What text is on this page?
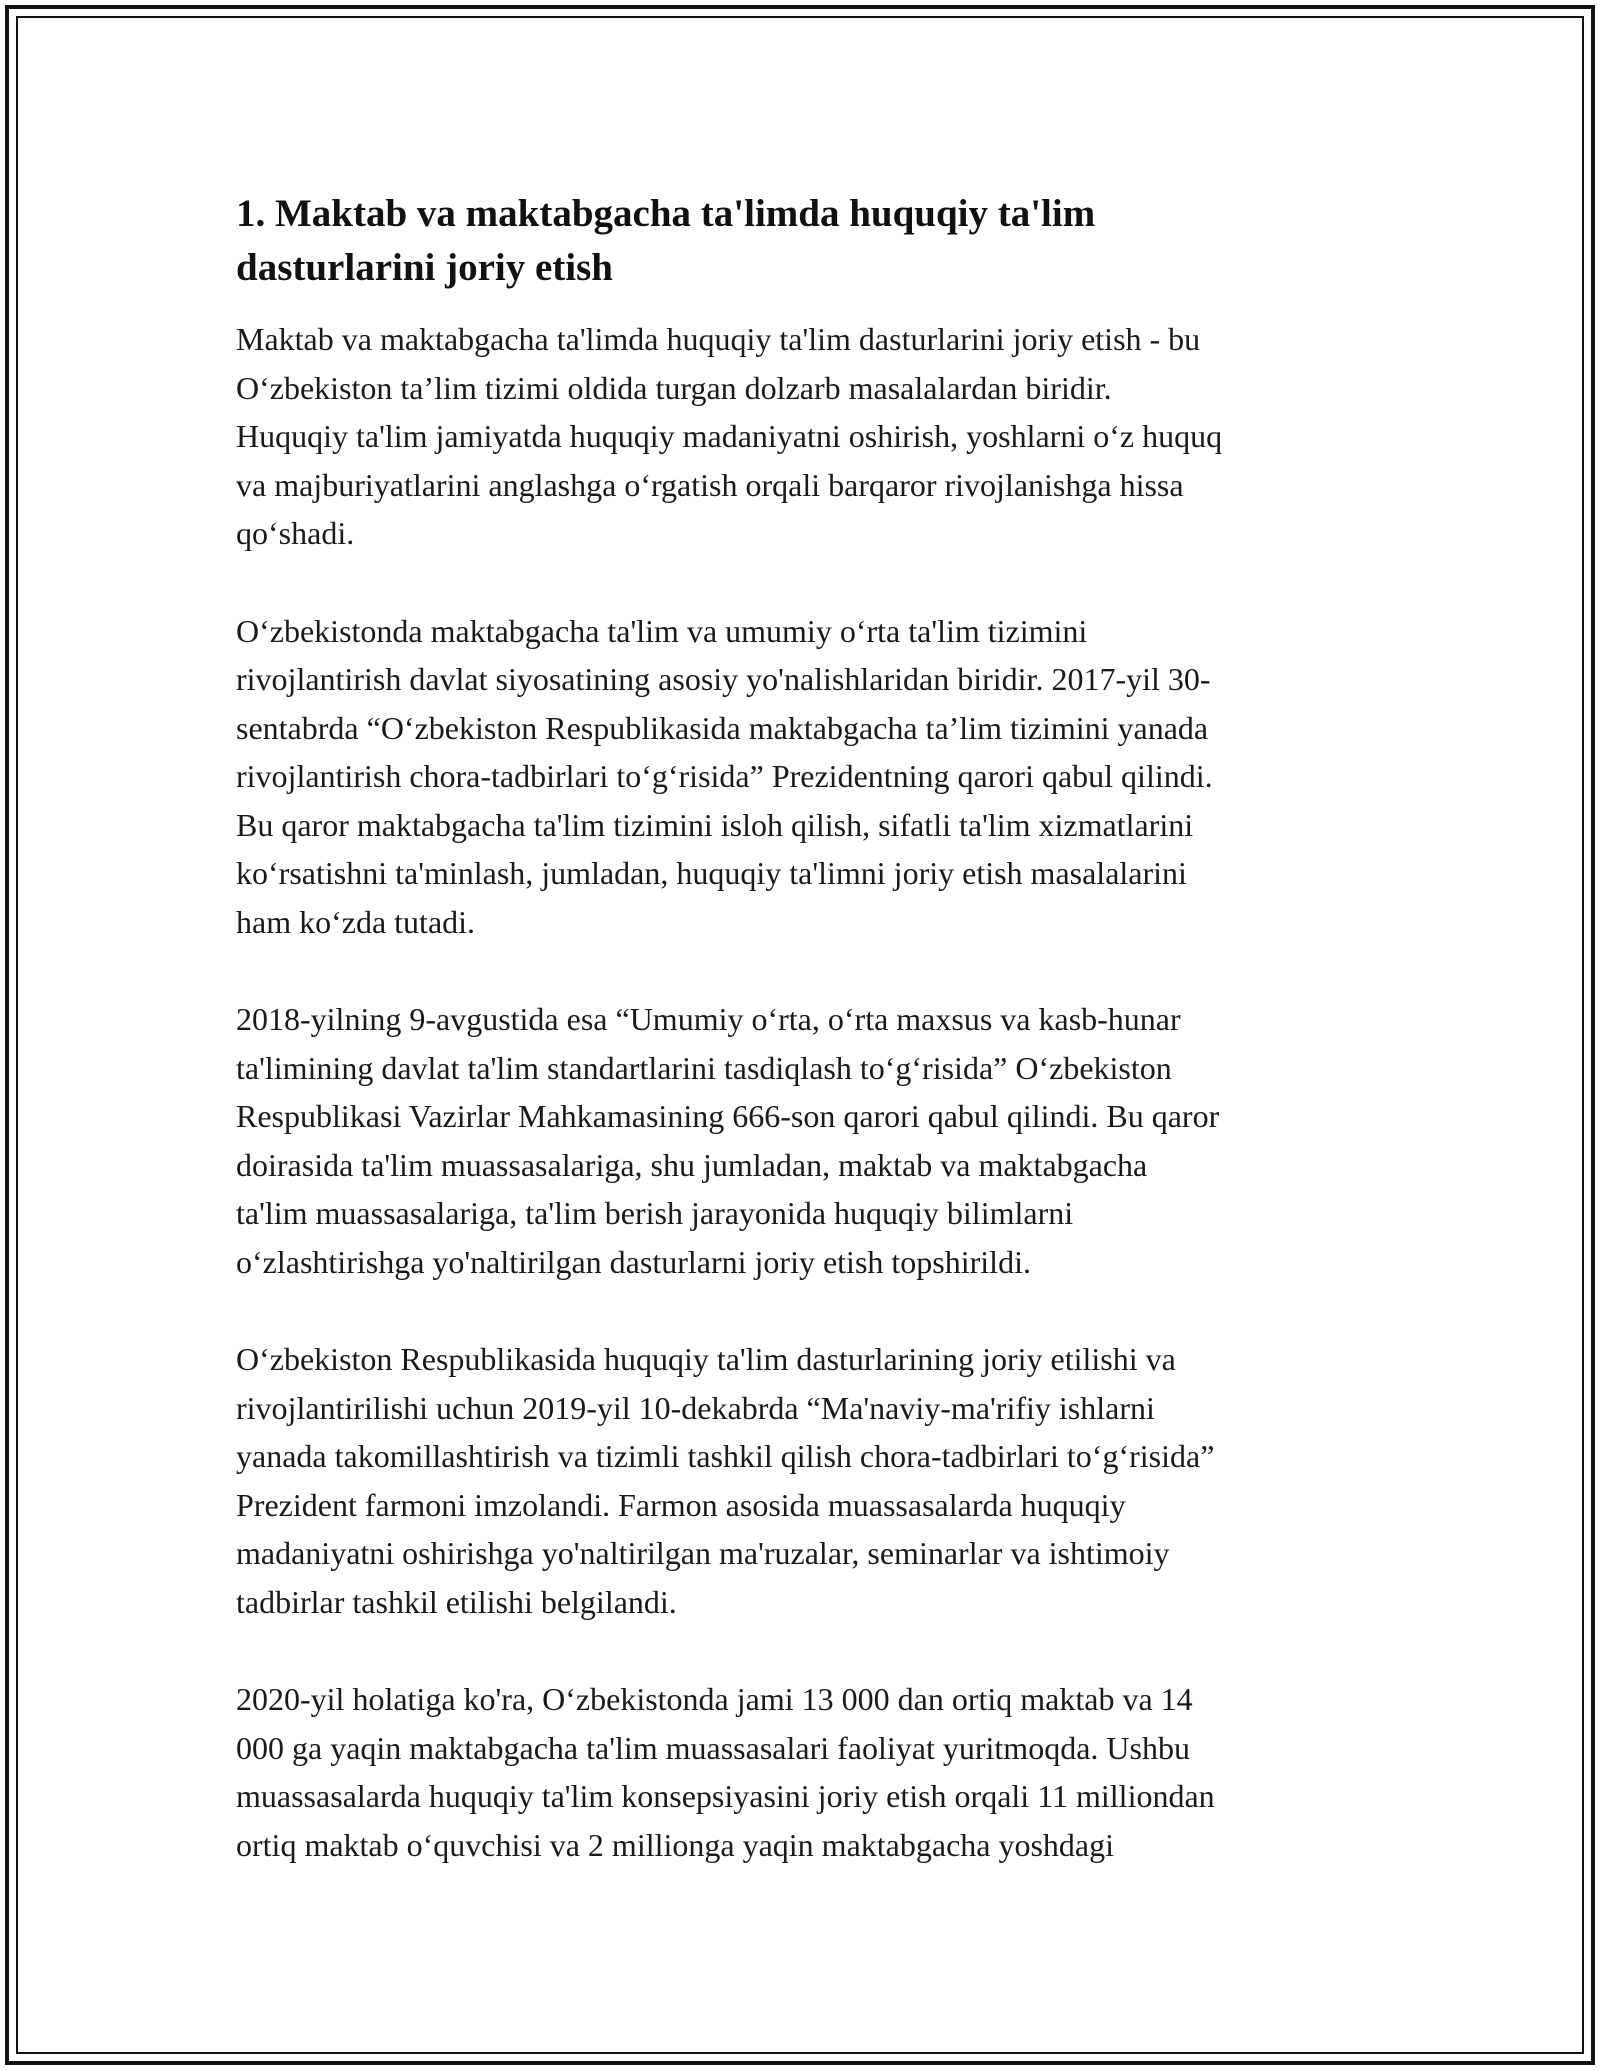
1. Maktab va maktabgacha ta'limda huquqiy ta'lim
dasturlarini joriy etish

Maktab va maktabgacha ta'limda huquqiy ta'lim dasturlarini joriy etish - bu
O‘zbekiston ta’lim tizimi oldida turgan dolzarb masalalardan biridir.
Huquqiy ta'lim jamiyatda huquqiy madaniyatni oshirish, yoshlarni o‘z huquq
va majburiyatlarini anglashga o‘rgatish orqali barqaror rivojlanishga hissa
qo‘shadi.

O‘zbekistonda maktabgacha ta'lim va umumiy o‘rta ta'lim tizimini
rivojlantirish davlat siyosatining asosiy yo'nalishlaridan biridir. 2017-yil 30-
sentabrda “O‘zbekiston Respublikasida maktabgacha ta’lim tizimini yanada
rivojlantirish chora-tadbirlari to‘g‘risida” Prezidentning qarori qabul qilindi.
Bu qaror maktabgacha ta'lim tizimini isloh qilish, sifatli ta'lim xizmatlarini
ko‘rsatishni ta'minlash, jumladan, huquqiy ta'limni joriy etish masalalarini
ham ko‘zda tutadi.

2018-yilning 9-avgustida esa “Umumiy o‘rta, o‘rta maxsus va kasb-hunar
ta'limining davlat ta'lim standartlarini tasdiqlash to‘g‘risida” O‘zbekiston
Respublikasi Vazirlar Mahkamasining 666-son qarori qabul qilindi. Bu qaror
doirasida ta'lim muassasalariga, shu jumladan, maktab va maktabgacha
ta'lim muassasalariga, ta'lim berish jarayonida huquqiy bilimlarni
o‘zlashtirishga yo'naltirilgan dasturlarni joriy etish topshirildi.

O‘zbekiston Respublikasida huquqiy ta'lim dasturlarining joriy etilishi va
rivojlantirilishi uchun 2019-yil 10-dekabrda “Ma'naviy-ma'rifiy ishlarni
yanada takomillashtirish va tizimli tashkil qilish chora-tadbirlari to‘g‘risida”
Prezident farmoni imzolandi. Farmon asosida muassasalarda huquqiy
madaniyatni oshirishga yo'naltirilgan ma'ruzalar, seminarlar va ishtimoiy
tadbirlar tashkil etilishi belgilandi.

2020-yil holatiga ko'ra, O‘zbekistonda jami 13 000 dan ortiq maktab va 14
000 ga yaqin maktabgacha ta'lim muassasalari faoliyat yuritmoqda. Ushbu
muassasalarda huquqiy ta'lim konsepsiyasini joriy etish orqali 11 milliondan
ortiq maktab o‘quvchisi va 2 millionga yaqin maktabgacha yoshdagi
